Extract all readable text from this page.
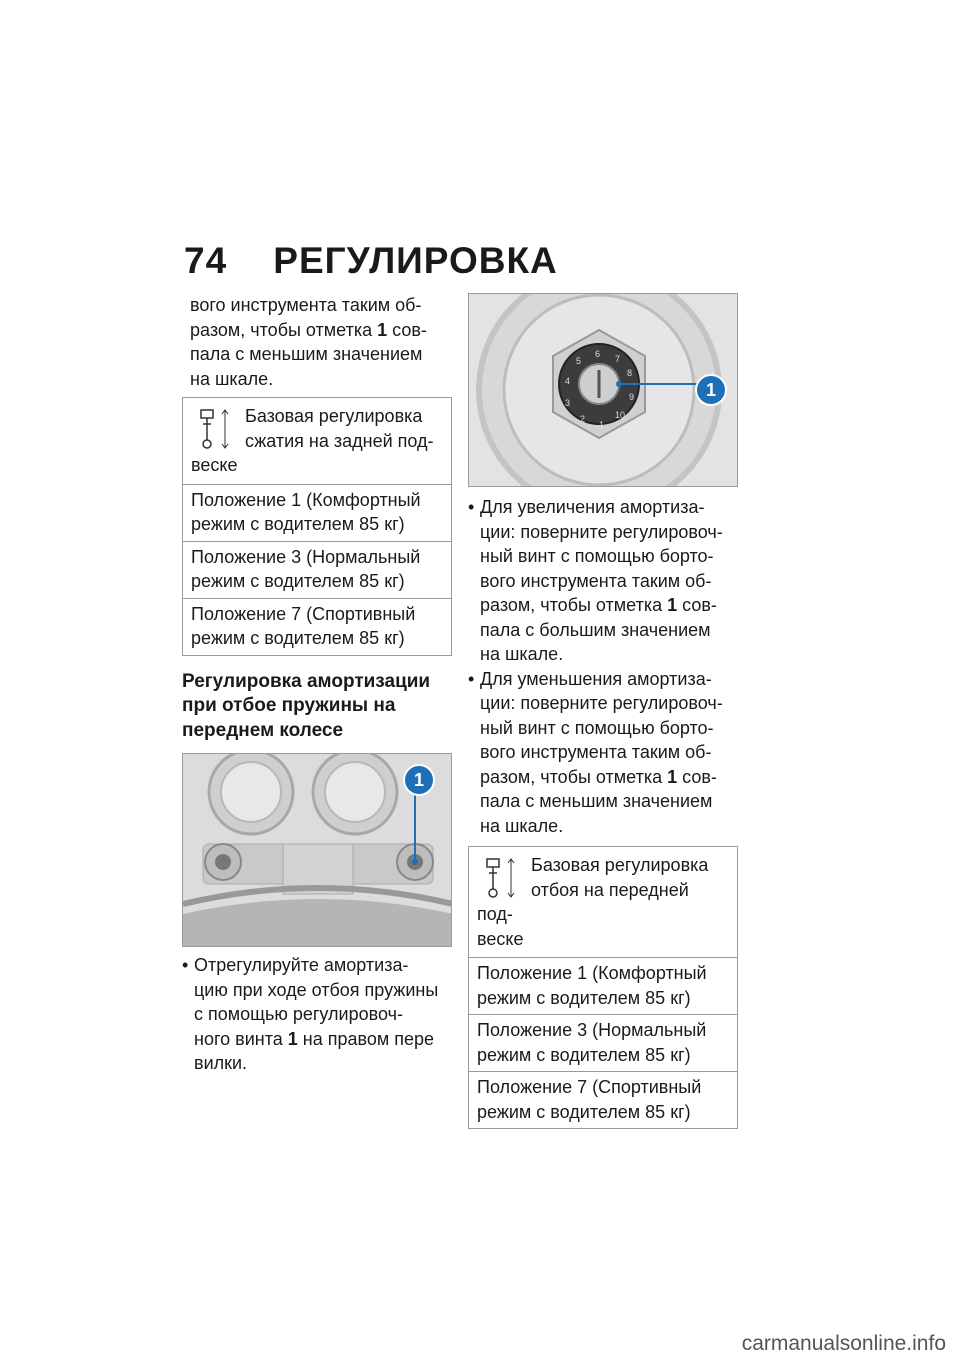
74 РЕГУЛИРОВКА

вого инструмента таким об-

разом, чтобы отметка 1 сов-

пала с меньшим значением

на шкале.

Базовая регулировка
сжатия на задней под-
веске
Положение 1 (Комфортный
режим с водителем 85 кг)
Положение 3 (Нормальный
режим с водителем 85 кг)
Положение 7 (Спортивный
режим с водителем 85 кг)
Регулировка амортизации
при отбое пружины на
переднем колесе
1
• Отрегулируйте амортиза-
цию при ходе отбоя пружины
с помощью регулировоч-
ного винта 1 на правом пере
вилки.
1
2
3
4
5
6 7
8
9
10
1
• Для увеличения амортиза-
ции: поверните регулировоч-
ный винт с помощью борто-
вого инструмента таким об-
разом, чтобы отметка 1 сов-
пала с большим значением
на шкале.
• Для уменьшения амортиза-
ции: поверните регулировоч-
ный винт с помощью борто-
вого инструмента таким об-
разом, чтобы отметка 1 сов-
пала с меньшим значением
на шкале.
Базовая регулировка
отбоя на передней под-
веске
Положение 1 (Комфортный
режим с водителем 85 кг)
Положение 3 (Нормальный
режим с водителем 85 кг)
Положение 7 (Спортивный
режим с водителем 85 кг)
carmanualsonline.info
